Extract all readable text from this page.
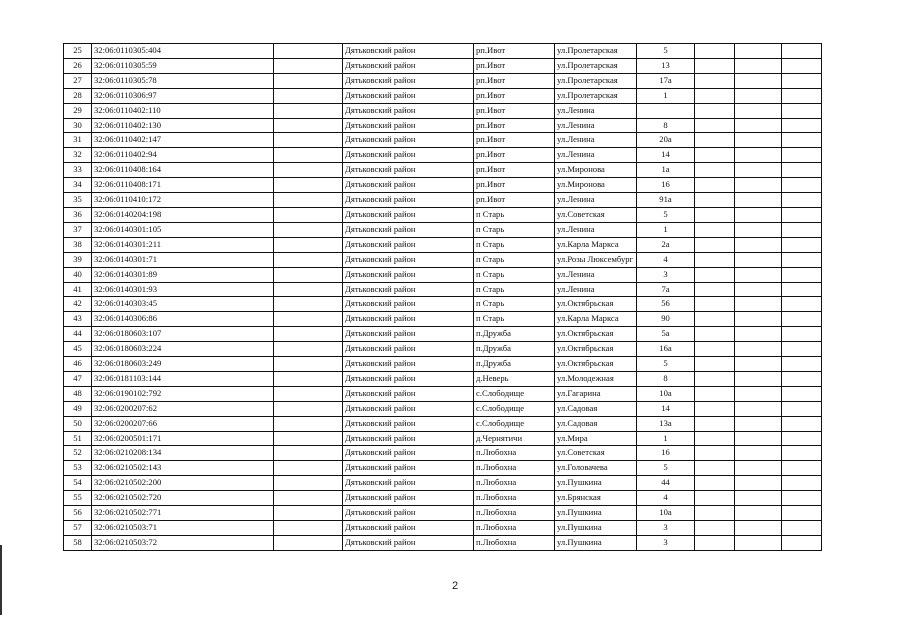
25	32:06:0110305:404		Дятьковский район	рп.Ивот	ул.Пролетарская	5			
26	32:06:0110305:59		Дятьковский район	рп.Ивот	ул.Пролетарская	13			
27	32:06:0110305:78		Дятьковский район	рп.Ивот	ул.Пролетарская	17а			
28	32:06:0110306:97		Дятьковский район	рп.Ивот	ул.Пролетарская	1			
29	32:06:0110402:110		Дятьковский район	рп.Ивот	ул.Ленина				
30	32:06:0110402:130		Дятьковский район	рп.Ивот	ул.Ленина	8			
31	32:06:0110402:147		Дятьковский район	рп.Ивот	ул.Ленина	20а			
32	32:06:0110402:94		Дятьковский район	рп.Ивот	ул.Ленина	14			
33	32:06:0110408:164		Дятьковский район	рп.Ивот	ул.Миронова	1а			
34	32:06:0110408:171		Дятьковский район	рп.Ивот	ул.Миронова	16			
35	32:06:0110410:172		Дятьковский район	рп.Ивот	ул.Ленина	91а			
36	32:06:0140204:198		Дятьковский район	п Старь	ул.Советская	5			
37	32:06:0140301:105		Дятьковский район	п Старь	ул.Ленина	1			
38	32:06:0140301:211		Дятьковский район	п Старь	ул.Карла Маркса	2а			
39	32:06:0140301:71		Дятьковский район	п Старь	ул.Розы Люксембург	4			
40	32:06:0140301:89		Дятьковский район	п Старь	ул.Ленина	3			
41	32:06:0140301:93		Дятьковский район	п Старь	ул.Ленина	7а			
42	32:06:0140303:45		Дятьковский район	п Старь	ул.Октябрьская	56			
43	32:06:0140306:86		Дятьковский район	п Старь	ул.Карла Маркса	90			
44	32:06:0180603:107		Дятьковский район	п.Дружба	ул.Октябрьская	5а			
45	32:06:0180603:224		Дятьковский район	п.Дружба	ул.Октябрьская	16а			
46	32:06:0180603:249		Дятьковский район	п.Дружба	ул.Октябрьская	5			
47	32:06:0181103:144		Дятьковский район	д.Неверь	ул.Молодежная	8			
48	32:06:0190102:792		Дятьковский район	с.Слободище	ул.Гагарина	10а			
49	32:06:0200207:62		Дятьковский район	с.Слободище	ул.Садовая	14			
50	32:06:0200207:66		Дятьковский район	с.Слободище	ул.Садовая	13а			
51	32:06:0200501:171		Дятьковский район	д.Чернятичи	ул.Мира	1			
52	32:06:0210208:134		Дятьковский район	п.Любохна	ул.Советская	16			
53	32:06:0210502:143		Дятьковский район	п.Любохна	ул.Головачева	5			
54	32:06:0210502:200		Дятьковский район	п.Любохна	ул.Пушкина	44			
55	32:06:0210502:720		Дятьковский район	п.Любохна	ул.Брянская	4			
56	32:06:0210502:771		Дятьковский район	п.Любохна	ул.Пушкина	10а			
57	32:06:0210503:71		Дятьковский район	п.Любохна	ул.Пушкина	3			
58	32:06:0210503:72		Дятьковский район	п.Любохна	ул.Пушкина	3			
2
